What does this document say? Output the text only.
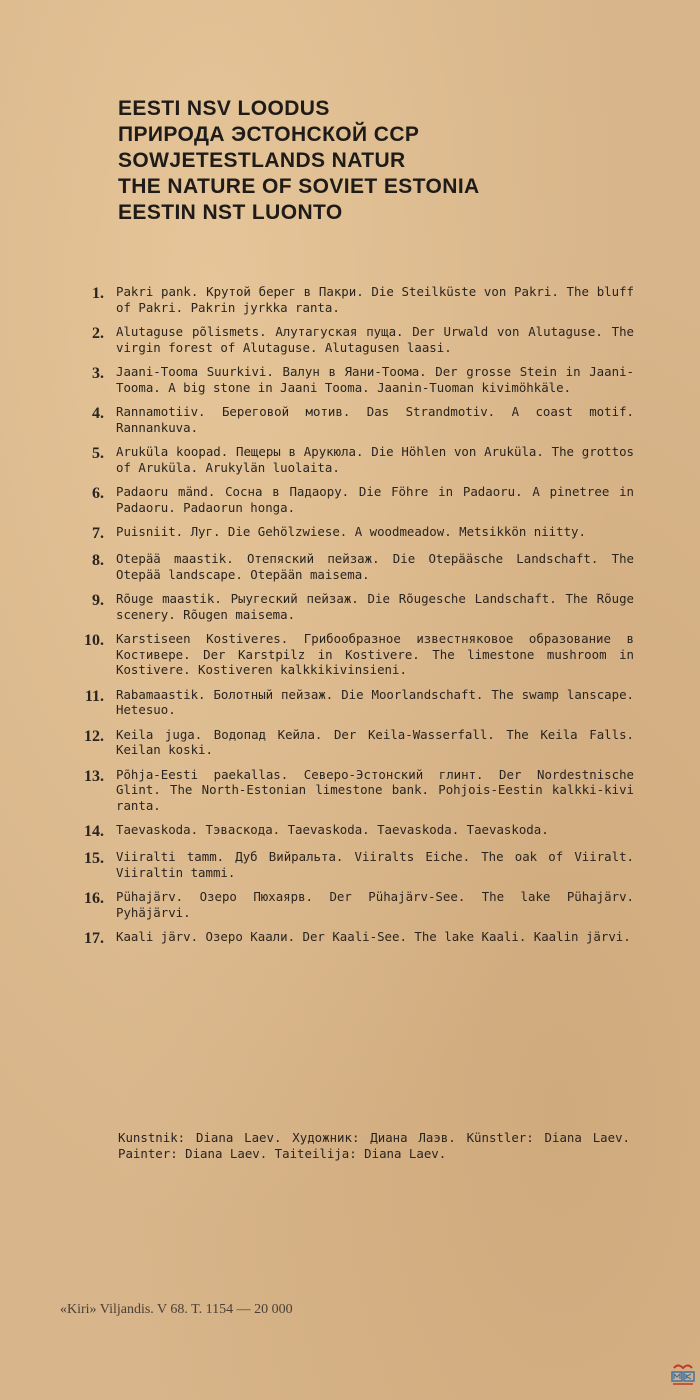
EESTI NSV LOODUS
ПРИРОДА ЭСТОНСКОЙ ССР
SOWJETESTLANDS NATUR
THE NATURE OF SOVIET ESTONIA
EESTIN NST LUONTO
1. Pakri pank. Крутой берег в Пакри. Die Steilküste von Pakri. The bluff of Pakri. Pakrin jyrkka ranta.
2. Alutaguse põlismets. Алутагуская пуща. Der Urwald von Alutaguse. The virgin forest of Alutaguse. Alutagusen laasi.
3. Jaani-Tooma Suurkivi. Валун в Яани-Тоома. Der grosse Stein in Jaani-Tooma. A big stone in Jaani Tooma. Jaanin-Tuoman kivimöhkäle.
4. Rannamotiiv. Береговой мотив. Das Strandmotiv. A coast motif. Rannankuva.
5. Aruküla koopad. Пещеры в Арукюла. Die Höhlen von Aruküla. The grottos of Aruküla. Arukylän luolaita.
6. Padaoru mänd. Сосна в Падаору. Die Föhre in Padaoru. A pinetree in Padaoru. Padaorun honga.
7. Puisniit. Луг. Die Gehölzwiese. A woodmeadow. Metsikkön niitty.
8. Otepää maastik. Отепяский пейзаж. Die Otepääsche Landschaft. The Otepää landscape. Otepään maisema.
9. Rõuge maastik. Рыугеский пейзаж. Die Rõugesche Landschaft. The Rõuge scenery. Rõugen maisema.
10. Karstiseen Kostiveres. Грибообразное известняковое образование в Костивере. Der Karstpilz in Kostivere. The limestone mushroom in Kostivere. Kostiveren kalkkikivinsieni.
11. Rabamaastik. Болотный пейзаж. Die Moorlandschaft. The swamp lanscape. Hetesuo.
12. Keila juga. Водопад Кейла. Der Keila-Wasserfall. The Keila Falls. Keilan koski.
13. Põhja-Eesti paekallas. Северо-Эстонский глинт. Der Nordestnische Glint. The North-Estonian limestone bank. Pohjois-Eestin kalkki-kivi ranta.
14. Taevaskoda. Тэваскода. Taevaskoda. Taevaskoda. Taevaskoda.
15. Viiralti tamm. Дуб Вийральта. Viiralts Eiche. The oak of Viiralt. Viiraltin tammi.
16. Pühajärv. Озеро Пюхаярв. Der Pühajärv-See. The lake Pühajärv. Pyhäjärvi.
17. Kaali järv. Озеро Каали. Der Kaali-See. The lake Kaali. Kaalin järvi.
Kunstnik: Diana Laev. Художник: Диана Лаэв. Künstler: Diana Laev. Painter: Diana Laev. Taiteilija: Diana Laev.
«Kiri» Viljandis. V 68. T. 1154 — 20 000
